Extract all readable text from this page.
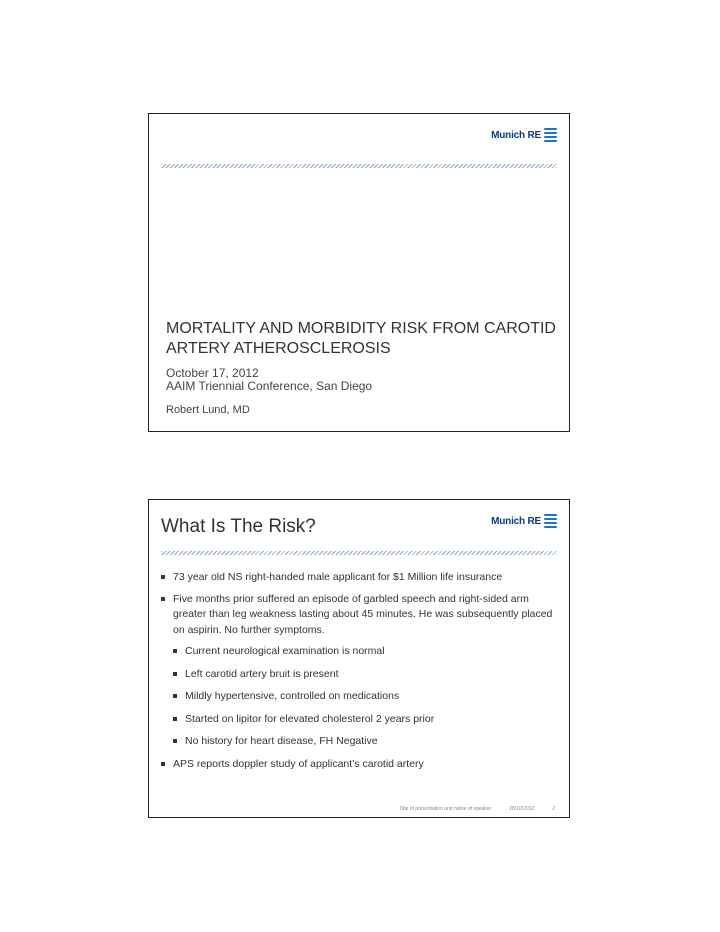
Munich RE
MORTALITY AND MORBIDITY RISK FROM CAROTID ARTERY ATHEROSCLEROSIS
October 17, 2012
AAIM Triennial Conference, San Diego
Robert Lund, MD
What Is The Risk?	Munich RE
73 year old NS right-handed male applicant for $1 Million life insurance
Five months prior suffered an episode of garbled speech and right-sided arm greater than leg weakness lasting about 45 minutes. He was subsequently placed on aspirin. No further symptoms.
Current neurological examination is normal
Left carotid artery bruit is present
Mildly hypertensive, controlled on medications
Started on lipitor for elevated cholesterol 2 years prior
No history for heart disease, FH Negative
APS reports doppler study of applicant’s carotid artery
Title of presentation and name of speaker	28/10/2012	2
